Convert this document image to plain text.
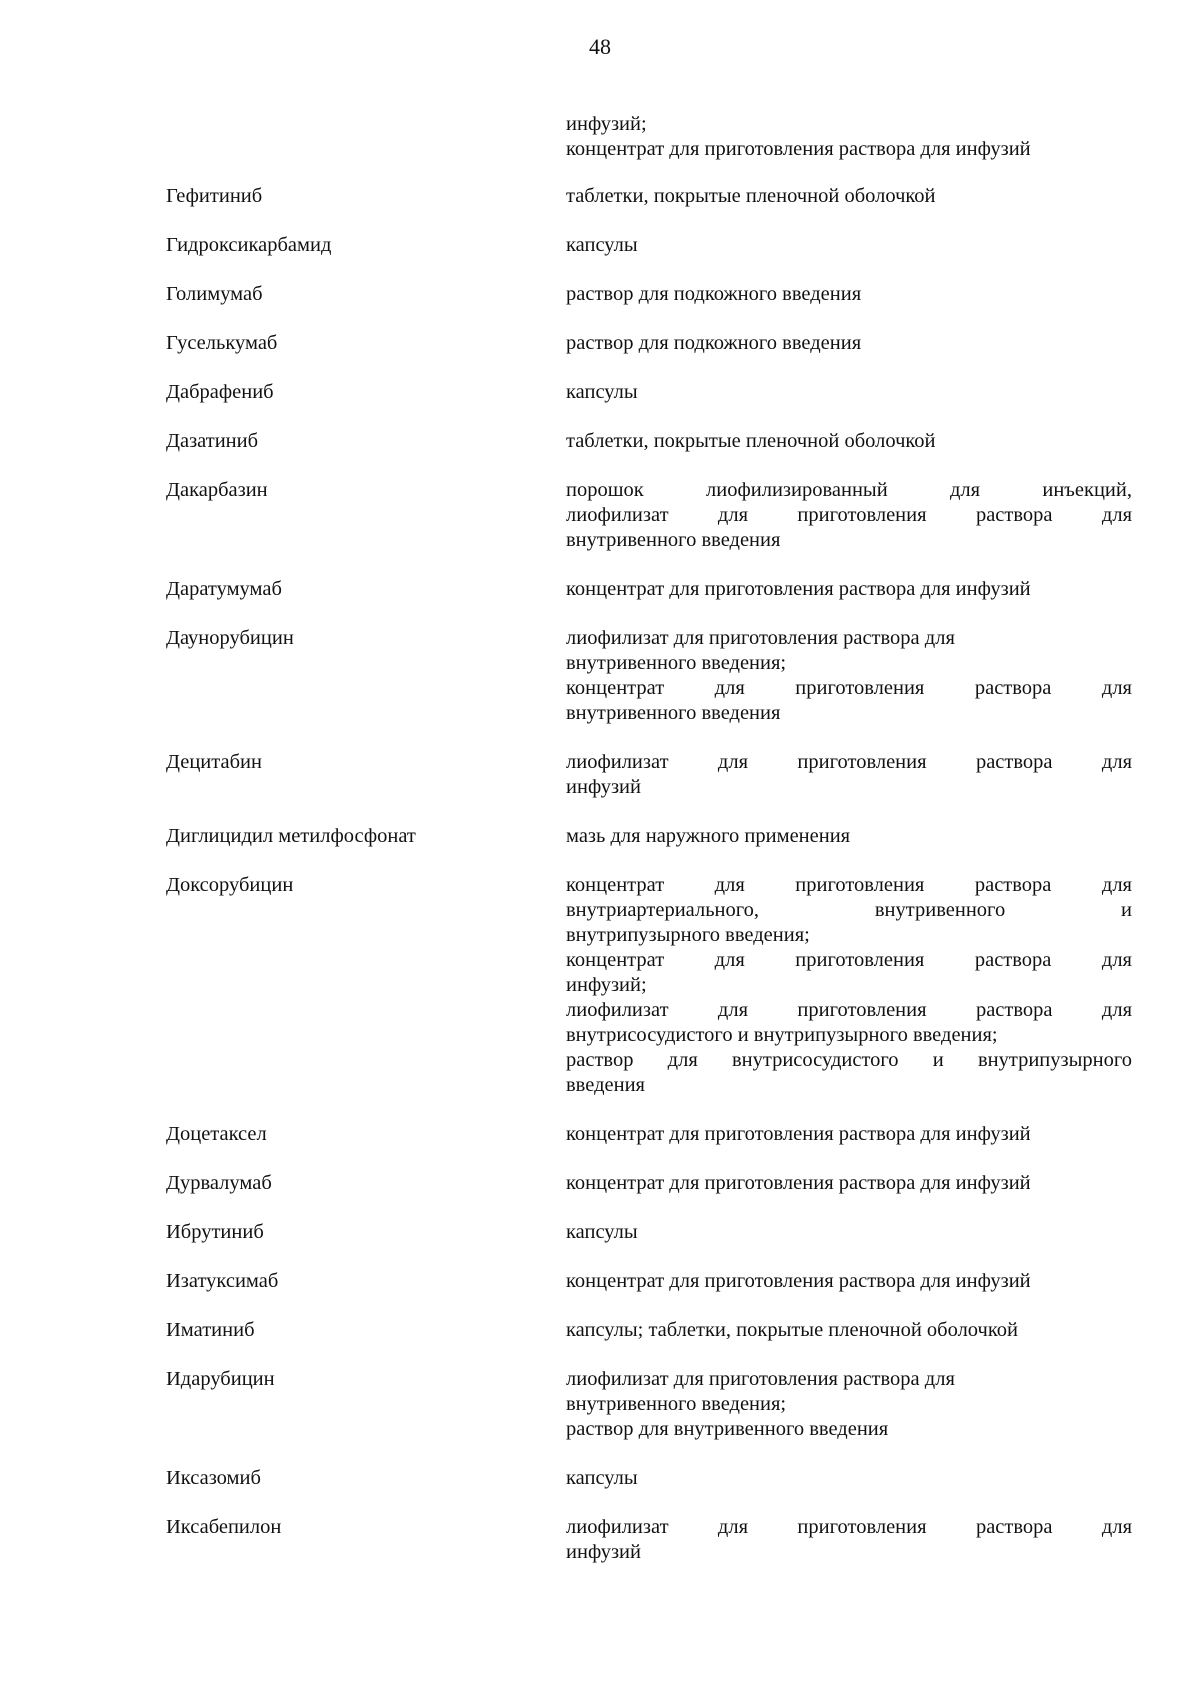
48
инфузий;
концентрат для приготовления раствора для инфузий
Гефитиниб	таблетки, покрытые пленочной оболочкой
Гидроксикарбамид	капсулы
Голимумаб	раствор для подкожного введения
Гуселькумаб	раствор для подкожного введения
Дабрафениб	капсулы
Дазатиниб	таблетки, покрытые пленочной оболочкой
Дакарбазин	порошок лиофилизированный для инъекций,
лиофилизат для приготовления раствора для
внутривенного введения
Даратумумаб	концентрат для приготовления раствора для инфузий
Даунорубицин	лиофилизат для приготовления раствора для
внутривенного введения;
концентрат для приготовления раствора для
внутривенного введения
Децитабин	лиофилизат для приготовления раствора для
инфузий
Диглицидил метилфосфонат	мазь для наружного применения
Доксорубицин	концентрат для приготовления раствора для
внутриартериального, внутривенного и
внутрипузырного введения;
концентрат для приготовления раствора для
инфузий;
лиофилизат для приготовления раствора для
внутрисосудистого и внутрипузырного введения;
раствор для внутрисосудистого и внутрипузырного
введения
Доцетаксел	концентрат для приготовления раствора для инфузий
Дурвалумаб	концентрат для приготовления раствора для инфузий
Ибрутиниб	капсулы
Изатуксимаб	концентрат для приготовления раствора для инфузий
Иматиниб	капсулы; таблетки, покрытые пленочной оболочкой
Идарубицин	лиофилизат для приготовления раствора для
внутривенного введения;
раствор для внутривенного введения
Иксазомиб	капсулы
Иксабепилон	лиофилизат для приготовления раствора для
инфузий
